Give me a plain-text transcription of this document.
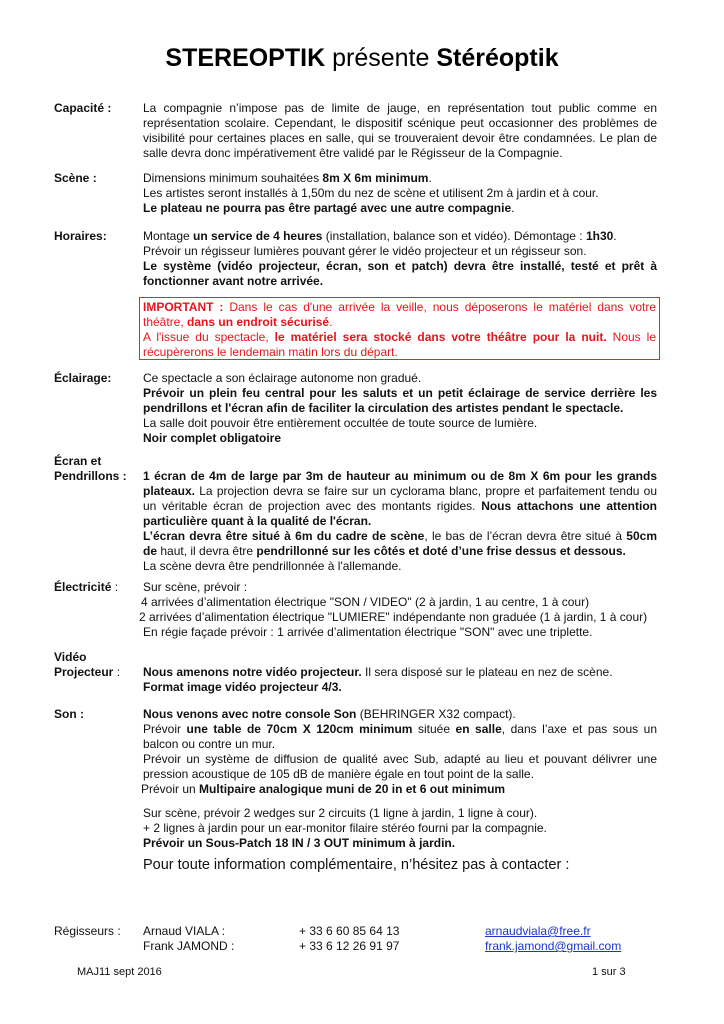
STEREOPTIK présente Stéréoptik
Capacité :	La compagnie n’impose pas de limite de jauge, en représentation tout public comme en représentation scolaire. Cependant, le dispositif scénique peut occasionner des problèmes de visibilité pour certaines places en salle, qui se trouveraient devoir être condamnées. Le plan de salle devra donc impérativement être validé par le Régisseur de la Compagnie.
Scène :	Dimensions minimum souhaitées 8m X 6m minimum.
Les artistes seront installés à 1,50m du nez de scène et utilisent 2m à jardin et à cour.
Le plateau ne pourra pas être partagé avec une autre compagnie.
Horaires:	Montage un service de 4 heures (installation, balance son et vidéo). Démontage : 1h30.
Prévoir un régisseur lumières pouvant gérer le vidéo projecteur et un régisseur son.
Le système (vidéo projecteur, écran, son et patch) devra être installé, testé et prêt à fonctionner avant notre arrivée.
IMPORTANT : Dans le cas d'une arrivée la veille, nous déposerons le matériel dans votre théâtre, dans un endroit sécurisé.
A l'issue du spectacle, le matériel sera stocké dans votre théâtre pour la nuit. Nous le récupèrerons le lendemain matin lors du départ.
Éclairage:	Ce spectacle a son éclairage autonome non gradué.
Prévoir un plein feu central pour les saluts et un petit éclairage de service derrière les pendrillons et l'écran afin de faciliter la circulation des artistes pendant le spectacle.
La salle doit pouvoir être entièrement occultée de toute source de lumière.
Noir complet obligatoire
Écran et
Pendrillons : 1 écran de 4m de large par 3m de hauteur au minimum ou de 8m X 6m pour les grands plateaux. La projection devra se faire sur un cyclorama blanc, propre et parfaitement tendu ou un véritable écran de projection avec des montants rigides. Nous attachons une attention particulière quant à la qualité de l'écran.
L’écran devra être situé à 6m du cadre de scène, le bas de l’écran devra être situé à 50cm de haut, il devra être pendrillonné sur les côtés et doté d’une frise dessus et dessous.
La scène devra être pendrillonnée à l'allemande.
Électricité : Sur scène, prévoir :
4 arrivées d’alimentation électrique "SON / VIDEO" (2 à jardin, 1 au centre, 1 à cour)
2 arrivées d’alimentation électrique "LUMIERE" indépendante non graduée (1 à jardin, 1 à cour)
En régie façade prévoir : 1 arrivée d’alimentation électrique "SON" avec une triplette.
Vidéo
Projecteur : Nous amenons notre vidéo projecteur. Il sera disposé sur le plateau en nez de scène.
Format image vidéo projecteur 4/3.
Son :	Nous venons avec notre console Son (BEHRINGER X32 compact).
Prévoir une table de 70cm X 120cm minimum située en salle, dans l’axe et pas sous un balcon ou contre un mur.
Prévoir un système de diffusion de qualité avec Sub, adapté au lieu et pouvant délivrer une pression acoustique de 105 dB de manière égale en tout point de la salle.
Prévoir un Multipaire analogique muni de 20 in et 6 out minimum
Sur scène, prévoir 2 wedges sur 2 circuits (1 ligne à jardin, 1 ligne à cour).
+ 2 lignes à jardin pour un ear-monitor filaire stéréo fourni par la compagnie.
Prévoir un Sous-Patch 18 IN / 3 OUT minimum à jardin.
Pour toute information complémentaire, n’hésitez pas à contacter :
Régisseurs : Arnaud VIALA :	+ 33 6 60 85 64 13	arnaudviala@free.fr
Frank JAMOND :	+ 33 6 12 26 91 97	frank.jamond@gmail.com
MAJ11 sept 2016	1 sur 3
